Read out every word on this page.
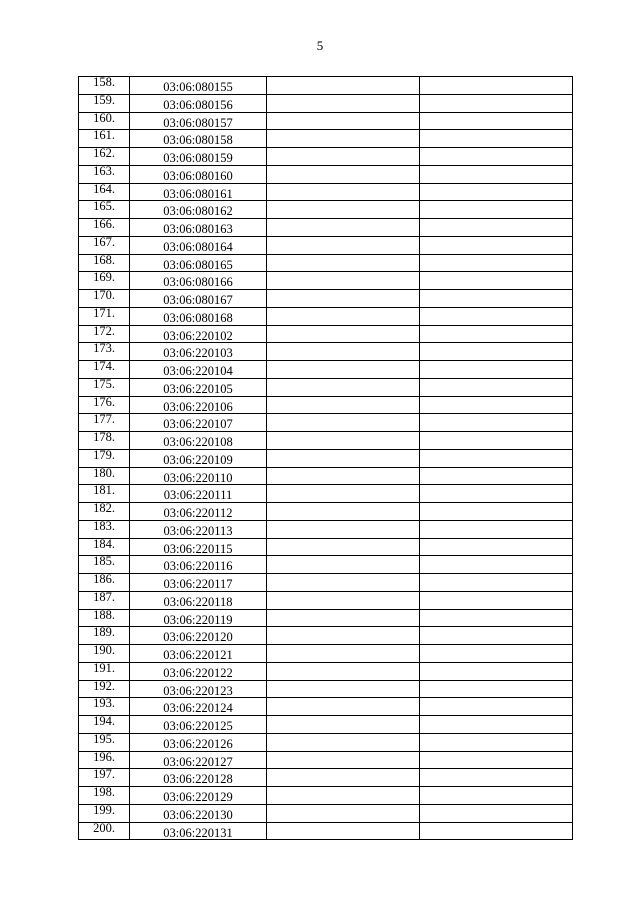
5
158.	03:06:080155		
159.	03:06:080156		
160.	03:06:080157		
161.	03:06:080158		
162.	03:06:080159		
163.	03:06:080160		
164.	03:06:080161		
165.	03:06:080162		
166.	03:06:080163		
167.	03:06:080164		
168.	03:06:080165		
169.	03:06:080166		
170.	03:06:080167		
171.	03:06:080168		
172.	03:06:220102		
173.	03:06:220103		
174.	03:06:220104		
175.	03:06:220105		
176.	03:06:220106		
177.	03:06:220107		
178.	03:06:220108		
179.	03:06:220109		
180.	03:06:220110		
181.	03:06:220111		
182.	03:06:220112		
183.	03:06:220113		
184.	03:06:220115		
185.	03:06:220116		
186.	03:06:220117		
187.	03:06:220118		
188.	03:06:220119		
189.	03:06:220120		
190.	03:06:220121		
191.	03:06:220122		
192.	03:06:220123		
193.	03:06:220124		
194.	03:06:220125		
195.	03:06:220126		
196.	03:06:220127		
197.	03:06:220128		
198.	03:06:220129		
199.	03:06:220130		
200.	03:06:220131		
